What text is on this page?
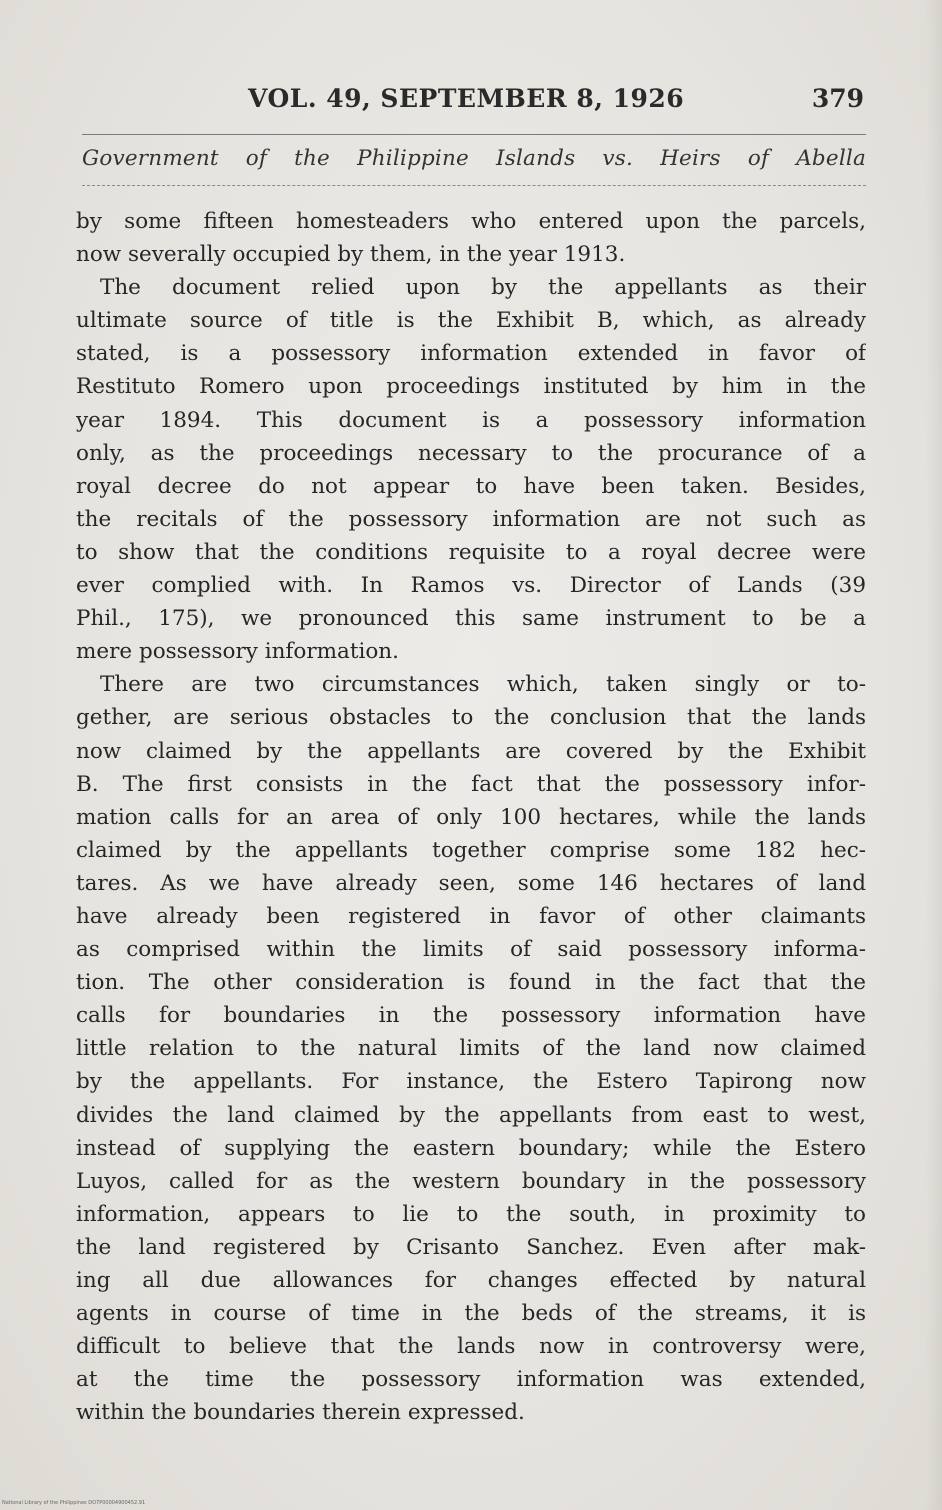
VOL. 49, SEPTEMBER 8, 1926	379
Government of the Philippine Islands vs. Heirs of Abella
by some fifteen homesteaders who entered upon the parcels,
now severally occupied by them, in the year 1913.
The document relied upon by the appellants as their
ultimate source of title is the Exhibit B, which, as already
stated, is a possessory information extended in favor of
Restituto Romero upon proceedings instituted by him in the
year 1894. This document is a possessory information
only, as the proceedings necessary to the procurance of a
royal decree do not appear to have been taken. Besides,
the recitals of the possessory information are not such as
to show that the conditions requisite to a royal decree were
ever complied with. In Ramos vs. Director of Lands (39
Phil., 175), we pronounced this same instrument to be a
mere possessory information.
There are two circumstances which, taken singly or to-
gether, are serious obstacles to the conclusion that the lands
now claimed by the appellants are covered by the Exhibit
B. The first consists in the fact that the possessory infor-
mation calls for an area of only 100 hectares, while the lands
claimed by the appellants together comprise some 182 hec-
tares. As we have already seen, some 146 hectares of land
have already been registered in favor of other claimants
as comprised within the limits of said possessory informa-
tion. The other consideration is found in the fact that the
calls for boundaries in the possessory information have
little relation to the natural limits of the land now claimed
by the appellants. For instance, the Estero Tapirong now
divides the land claimed by the appellants from east to west,
instead of supplying the eastern boundary; while the Estero
Luyos, called for as the western boundary in the possessory
information, appears to lie to the south, in proximity to
the land registered by Crisanto Sanchez. Even after mak-
ing all due allowances for changes effected by natural
agents in course of time in the beds of the streams, it is
difficult to believe that the lands now in controversy were,
at the time the possessory information was extended,
within the boundaries therein expressed.
National Library of the Philippines DO7P00004900452.91
